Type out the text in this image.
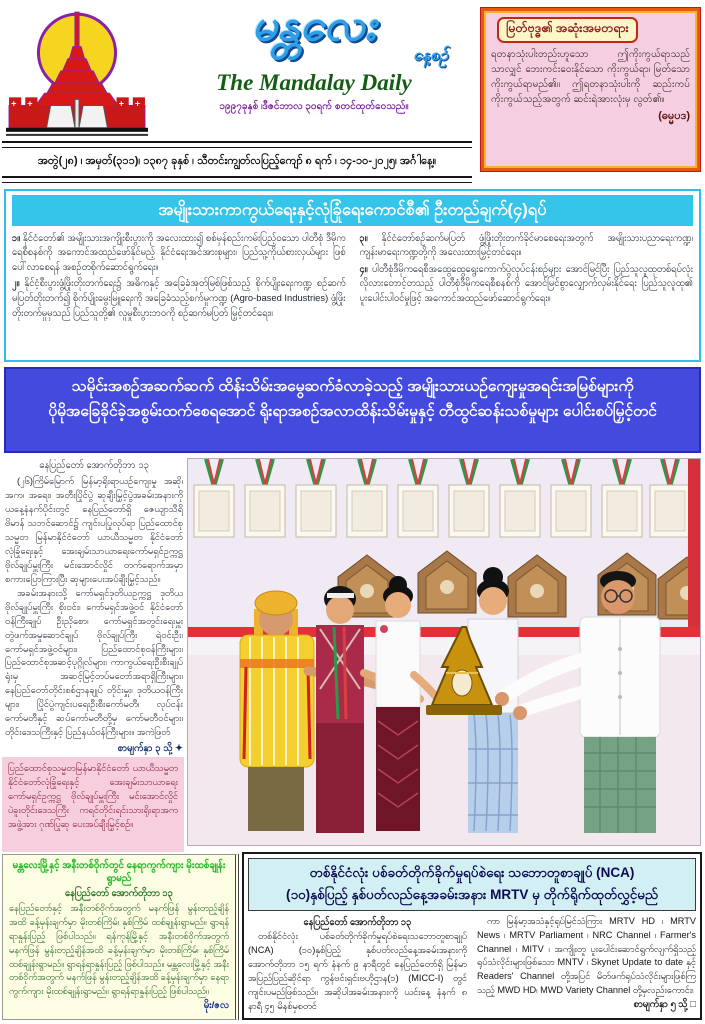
+ +	+ +
မန္တလေး
နေ့စဉ်
The Mandalay Daily
၁၉၉၇ခုနှစ် ၊ဒီဇင်ဘာလ ၃၀ရက် စတင်ထုတ်ဝေသည်။
မြတ်ဗုဒ္ဓ၏ အဆုံးအမတရား

ရတနာသုံးပါးတည်းဟူသော ဤကိုးကွယ်ရာသည် သာလျှင် ဘေးကင်းဝေးနိုင်သော ကိုးကွယ်ရာ၊ မြတ်သော ကိုးကွယ်ရာမည်၏။ ဤရတနာသုံးပါးကို ဆည်းကပ်ကိုးကွယ်သည့်အတွက် ဆင်းရဲအားလုံးမှ လွတ်၏။

(ဓမ္မပဒ)
အတွဲ(၂၈) ၊ အမှတ်(၃၁၁)၊ ၁၃၈၇ ခုနှစ် ၊ သီတင်းကျွတ်လပြည့်ကျော် ၈ ရက် ၊ ၁၄-၁၀-၂၀၂၅၊ အင်္ဂါနေ့။
အမျိုးသားကာကွယ်ရေးနှင့်လုံခြုံရေးကောင်စီ၏ ဦးတည်ချက်(၄)ရပ်
၁။ နိုင်ငံတော်၏ အမျိုးသားအကျိုးစီးပွားကို အလေးထား၍ စစ်မှန်စည်းကမ်းပြည့်ဝသော ပါတီစုံ ဒီမိုကရေစီစနစ်ကို အကောင်အထည်ဖော်နိုင်မည့် နိုင်ငံရေးအင်အားစုများ၊ ပြည်သူ့ကိုယ်စားလှယ်များ ဖြစ်ပေါ်လာစေရန် အစဉ်တစိုက်ဆောင်ရွက်ရေး။
၂။ နိုင်ငံ့စီးပွားဖွံ့ဖြိုးတိုးတက်ရေး၌ အဓိကနှင့် အခြေခံအုတ်မြစ်ဖြစ်သည့် စိုက်ပျိုးရေးကဏ္ဍ စဉ်ဆက်မပြတ်တိုးတက်၍ စိုက်ပျိုးမွေးမြူရေးကို အခြေခံသည့်စက်မှုကဏ္ဍ (Agro-based Industries) ဖွံ့ဖြိုးတိုးတက်မှုမှသည် ပြည်သူတို့၏ လူမှုစီးပွားဘဝကို စဉ်ဆက်မပြတ် မြှင့်တင်ရေး။
၃။ နိုင်ငံတော်စဉ်ဆက်မပြတ် ဖွံ့ဖြိုးတိုးတက်ခိုင်မာစေရေးအတွက် အမျိုးသားပညာရေးကဏ္ဍ၊ ကျန်းမာရေးကဏ္ဍတို့ကို အလေးထားမြှင့်တင်ရေး။
၄။ ပါတီစုံဒီမိုကရေစီအထွေထွေရွေးကောက်ပွဲလုပ်ငန်းစဉ်များ အောင်မြင်ပြီး ပြည်သူလူထုတစ်ရပ်လုံး လိုလားတောင့်တသည့် ပါတီစုံဒီမိုကရေစီစနစ်ကို အောင်မြင်စွာလျှောက်လှမ်းနိုင်ရေး ပြည်သူလူထု၏ ပူးပေါင်းပါဝင်မှုဖြင့် အကောင်အထည်ဖော်ဆောင်ရွက်ရေး။
သမိုင်းအစဉ်အဆက်ဆက် ထိန်းသိမ်းအမွေဆက်ခံလာခဲ့သည့် အမျိုးသားယဉ်ကျေးမှုအရင်းအမြစ်များကို
ပိုမိုအခြေခိုင်ခဲ့အစွမ်းထက်စေရအောင် ရိုးရာအစဉ်အလာထိန်းသိမ်းမှုနှင့် တီထွင်ဆန်းသစ်မှုများ ပေါင်းစပ်မြှင့်တင်
နေပြည်တော် အောက်တိုဘာ ၁၃

(၂၆)ကြိမ်မြောက် မြန်မာ့ရိုးရာယဉ်ကျေးမှု အဆို၊ အက၊ အရေး၊ အတီးပြိုင်ပွဲ ဆုချီးမြှင့်ပွဲအခမ်းအနားကို ယနေ့နံနက်ပိုင်းတွင် နေပြည်တော်ရှိ ဇေယျာသီရိ ဗိမာန် သဘင်ဆောင်၌ ကျင်းပပြုလုပ်ရာ ပြည်ထောင်စုသမ္မတ မြန်မာနိုင်ငံတော် ယာယီသမ္မတ နိုင်ငံတော်လုံခြုံရေးနှင့် အေးချမ်းသာယာရေးကော်မရှင်ဥက္ကဋ္ဌ ဗိုလ်ချုပ်မှူးကြီး မင်းအောင်လှိုင် တက်ရောက်အမှာစကားပြောကြားပြီး ဆုများပေးအပ်ချီးမြှင့်သည်။

အခမ်းအနားသို့ ကော်မရှင်ဒုတိယဥက္ကဋ္ဌ ဒုတိယဗိုလ်ချုပ်မှူးကြီး စိုးဝင်း၊ ကော်မရှင်အဖွဲ့ဝင် နိုင်ငံတော်ဝန်ကြီးချုပ် ဦးညိုစော၊ ကော်မရှင်အတွင်းရေးမှူး တွဲဖက်အမှုဆောင်ချုပ် ဗိုလ်ချုပ်ကြီး ရဲဝင်းဦး၊ ကော်မရှင်အဖွဲ့ဝင်များ၊ ပြည်ထောင်စုဝန်ကြီးများ၊ ပြည်ထောင်စုအဆင့်ပုဂ္ဂိုလ်များ၊ ကာကွယ်ရေးဦးစီးချုပ်ရုံးမှ အဆင့်မြင့်တပ်မတော်အရာရှိကြီးများ၊ နေပြည်တော်တိုင်းစစ်ဌာနချုပ် တိုင်းမှူး၊ ဒုတိယဝန်ကြီးများ၊ ပြိုင်ပွဲကျင်းပရေးဦးစီးကော်မတီ၊ လုပ်ငန်းကော်မတီနှင့် ဆပ်ကော်မတီတို့မှ ကော်မတီဝင်များ၊ တိုင်းဒေသကြီးနှင့် ပြည်နယ်ဝန်ကြီးများ။ အကဲဖြတ်

စာမျက်နှာ ၃ သို့ ✦
ပြည်ထောင်စုသမ္မတမြန်မာနိုင်ငံတော် ယာယီသမ္မတ နိုင်ငံတော်လုံခြုံရေးနှင့် အေးချမ်းသာယာရေး ကော်မရှင်ဥက္ကဋ္ဌ ဗိုလ်ချုပ်မှူးကြီး မင်းအောင်လှိုင် ပဲခူးတိုင်းဒေသကြီး ကရင်တိုင်းရင်းသားရိုးရာအက အဖွဲ့အား ဂုဏ်ပြုဆု ပေးအပ်ချီးမြှင့်စဉ်။
မန္တလေးမြို့နှင့် အနီးတစ်ဝိုက်တွင် နေရာကွက်ကျား မိုးထစ်ချုန်းရွာမည်
နေပြည်တော် အောက်တိုဘာ ၁၃
နေပြည်တော်နှင့် အနီးတစ်ဝိုက်အတွက် မနက်ဖြန် မွန်းတည့်ချိန်အထိ ခန့်မှန်းချက်မှာ မိုးတစ်ကြိမ်၊ နှစ်ကြိမ် ထစ်ချုန်းရွာမည်။ ရွာရန်ရာနှုန်းပြည့် ဖြစ်ပါသည်။ ရန်ကုန်မြို့နှင့် အနီးတစ်ဝိုက်အတွက် မနက်ဖြန် မွန်းတည့်ချိန်အထိ ခန့်မှန်းချက်မှာ မိုးတစ်ကြိမ်၊ နှစ်ကြိမ် ထစ်ချုန်းရွာမည်။ ရွာရန်ရာနှုန်းပြည့် ဖြစ်ပါသည်။ မန္တလေးမြို့နှင့် အနီးတစ်ဝိုက်အတွက် မနက်ဖြန် မွန်းတည့်ချိန်အထိ ခန့်မှန်းချက်မှာ နေရာကွက်ကျား မိုးထစ်ချုန်းရွာမည်။ ရွာရန်ရာနှုန်းပြည့် ဖြစ်ပါသည်။
မိုး/ဇလ
တစ်နိုင်ငံလုံး ပစ်ခတ်တိုက်ခိုက်မှုရပ်စဲရေး သဘောတူစာချုပ် (NCA)
(၁၀)နှစ်ပြည့် နှစ်ပတ်လည်နေ့အခမ်းအနား MRTV မှ တိုက်ရိုက်ထုတ်လွှင့်မည်
နေပြည်တော် အောက်တိုဘာ ၁၃

တစ်နိုင်ငံလုံး ပစ်ခတ်တိုက်ခိုက်မှုရပ်စဲရေးသဘောတူစာချုပ် (NCA) (၁၀)နှစ်ပြည့် နှစ်ပတ်လည်နေ့အခမ်းအနားကို အောက်တိုဘာ ၁၅ ရက် နံနက် ၉ နာရီတွင် နေပြည်တော်ရှိ မြန်မာအပြည်ပြည်ဆိုင်ရာ ကွန်ဗင်းရှင်းဗဟိုဌာန(၁) (MICC-I) တွင် ကျင်းပမည်ဖြစ်သည်။ အဆိုပါအခမ်းအနားကို ယင်းနေ့ နံနက် ၈ နာရီ ၄၅ မိနစ်မှစတင်

ကာ မြန်မာ့အသံနှင့်ရုပ်မြင်သံကြား MRTV HD ၊ MRTV News ၊ MRTV Parliament ၊ NRC Channel ၊ Farmer's Channel ၊ MITV ၊ အကျိုးတူ ပူးပေါင်းဆောင်ရွက်လျက်ရှိသည့် ရုပ်သံလိုင်းများဖြစ်သော MNTV ၊ Skynet Update to date နှင့် Readers' Channel တို့အပြင် မိတ်ဖက်ရုပ်သံလိုင်းများဖြစ်ကြသည့် MWD HD၊ MWD Variety Channel တို့မှလည်းကောင်း၊

စာမျက်နှာ ၅ သို့ □
